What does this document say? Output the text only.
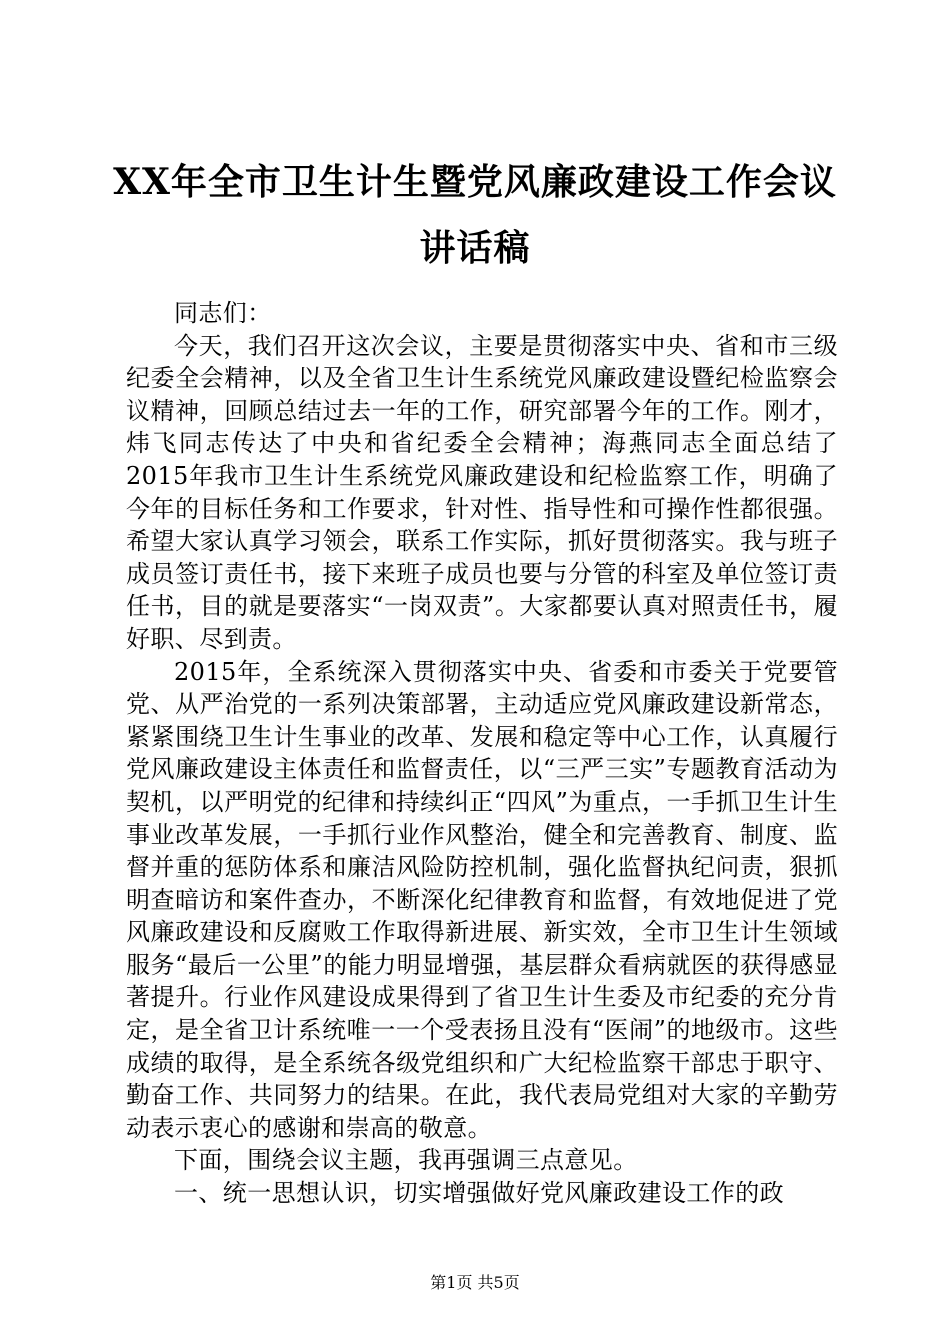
XX年全市卫生计生暨党风廉政建设工作会议
讲话稿

同志们：

今天，我们召开这次会议，主要是贯彻落实中央、省和市三级纪委全会精神，以及全省卫生计生系统党风廉政建设暨纪检监察会议精神，回顾总结过去一年的工作，研究部署今年的工作。刚才，炜飞同志传达了中央和省纪委全会精神；海燕同志全面总结了2015年我市卫生计生系统党风廉政建设和纪检监察工作，明确了今年的目标任务和工作要求，针对性、指导性和可操作性都很强。希望大家认真学习领会，联系工作实际，抓好贯彻落实。我与班子成员签订责任书，接下来班子成员也要与分管的科室及单位签订责任书，目的就是要落实“一岗双责”。大家都要认真对照责任书，履好职、尽到责。

2015年，全系统深入贯彻落实中央、省委和市委关于党要管党、从严治党的一系列决策部署，主动适应党风廉政建设新常态，紧紧围绕卫生计生事业的改革、发展和稳定等中心工作，认真履行党风廉政建设主体责任和监督责任，以“三严三实”专题教育活动为契机，以严明党的纪律和持续纠正“四风”为重点，一手抓卫生计生事业改革发展，一手抓行业作风整治，健全和完善教育、制度、监督并重的惩防体系和廉洁风险防控机制，强化监督执纪问责，狠抓明查暗访和案件查办，不断深化纪律教育和监督，有效地促进了党风廉政建设和反腐败工作取得新进展、新实效，全市卫生计生领域服务“最后一公里”的能力明显增强，基层群众看病就医的获得感显著提升。行业作风建设成果得到了省卫生计生委及市纪委的充分肯定，是全省卫计系统唯一一个受表扬且没有“医闹”的地级市。这些成绩的取得，是全系统各级党组织和广大纪检监察干部忠于职守、勤奋工作、共同努力的结果。在此，我代表局党组对大家的辛勤劳动表示衷心的感谢和崇高的敬意。

下面，围绕会议主题，我再强调三点意见。

一、统一思想认识，切实增强做好党风廉政建设工作的政

第1页 共5页
